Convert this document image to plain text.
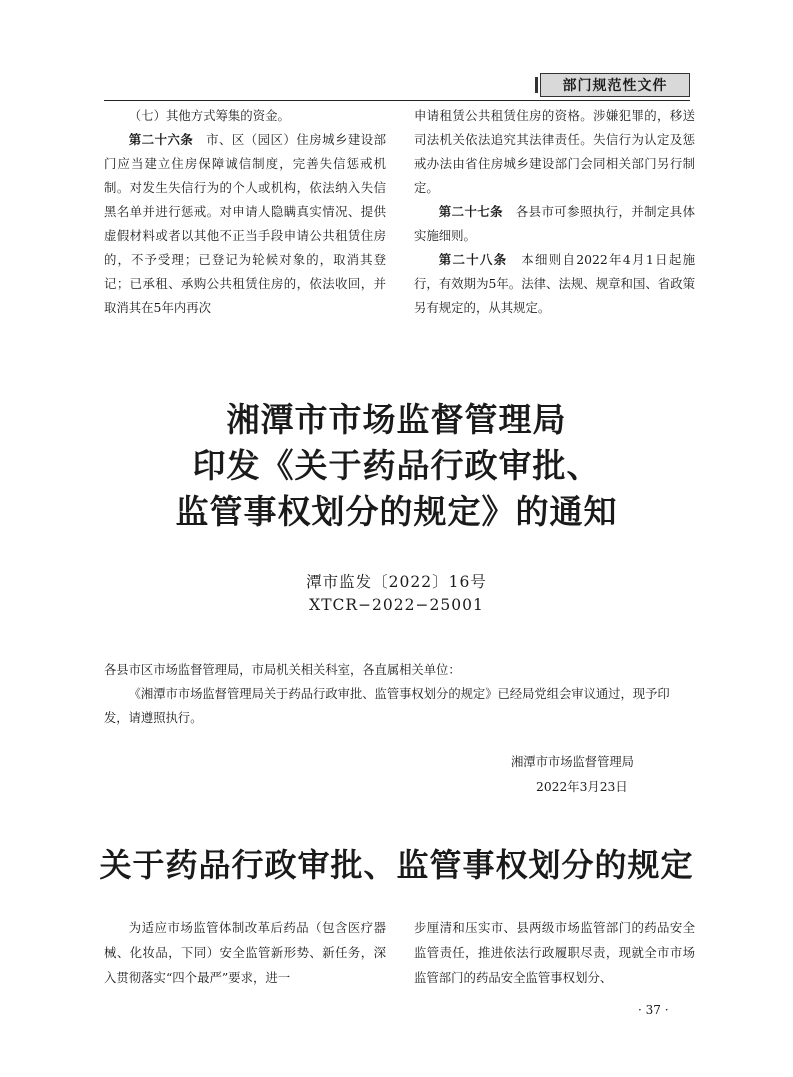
部门规范性文件

（七）其他方式筹集的资金。

第二十六条　市、区（园区）住房城乡建设部门应当建立住房保障诚信制度，完善失信惩戒机制。对发生失信行为的个人或机构，依法纳入失信黑名单并进行惩戒。对申请人隐瞒真实情况、提供虚假材料或者以其他不正当手段申请公共租赁住房的，不予受理；已登记为轮候对象的，取消其登记；已承租、承购公共租赁住房的，依法收回，并取消其在5年内再次

申请租赁公共租赁住房的资格。涉嫌犯罪的，移送司法机关依法追究其法律责任。失信行为认定及惩戒办法由省住房城乡建设部门会同相关部门另行制定。

第二十七条　各县市可参照执行，并制定具体实施细则。

第二十八条　本细则自2022年4月1日起施行，有效期为5年。法律、法规、规章和国、省政策另有规定的，从其规定。

湘潭市市场监督管理局
印发《关于药品行政审批、
监管事权划分的规定》的通知
潭市监发〔2022〕16号
XTCR−2022−25001
各县市区市场监督管理局，市局机关相关科室，各直属相关单位：
《湘潭市市场监督管理局关于药品行政审批、监管事权划分的规定》已经局党组会审议通过，现予印发，请遵照执行。
湘潭市市场监督管理局
2022年3月23日
关于药品行政审批、监管事权划分的规定

为适应市场监管体制改革后药品（包含医疗器械、化妆品，下同）安全监管新形势、新任务，深入贯彻落实“四个最严”要求，进一

步厘清和压实市、县两级市场监管部门的药品安全监管责任，推进依法行政履职尽责，现就全市市场监管部门的药品安全监管事权划分、

· 37 ·
